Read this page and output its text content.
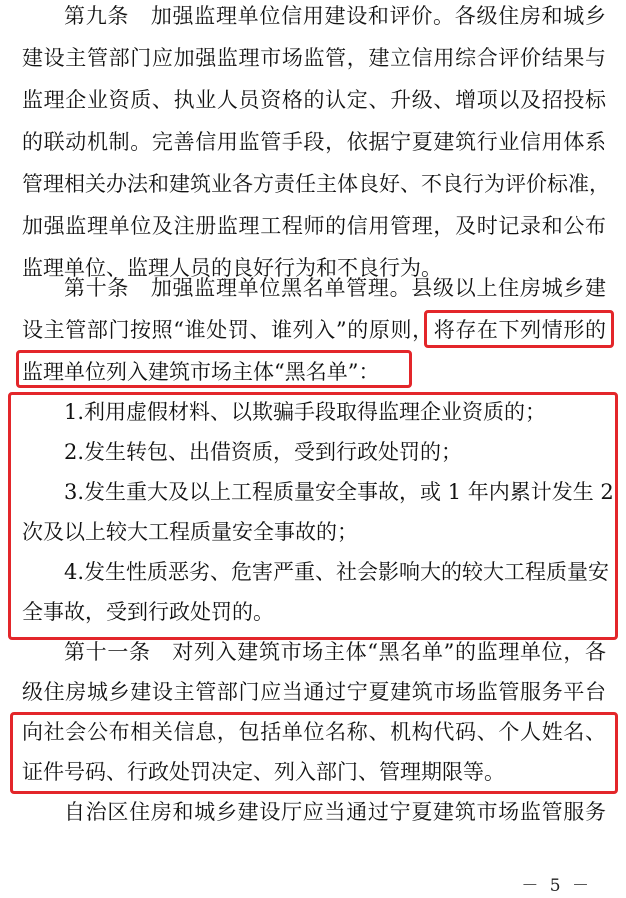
第九条　加强监理单位信用建设和评价。各级住房和城乡
建设主管部门应加强监理市场监管，建立信用综合评价结果与
监理企业资质、执业人员资格的认定、升级、增项以及招投标
的联动机制。完善信用监管手段，依据宁夏建筑行业信用体系
管理相关办法和建筑业各方责任主体良好、不良行为评价标准，
加强监理单位及注册监理工程师的信用管理，及时记录和公布
监理单位、监理人员的良好行为和不良行为。
第十条　加强监理单位黑名单管理。县级以上住房城乡建
设主管部门按照“谁处罚、谁列入”的原则，将存在下列情形的
监理单位列入建筑市场主体“黑名单”：
1.利用虚假材料、以欺骗手段取得监理企业资质的；
2.发生转包、出借资质，受到行政处罚的；
3.发生重大及以上工程质量安全事故，或 1 年内累计发生 2
次及以上较大工程质量安全事故的；
4.发生性质恶劣、危害严重、社会影响大的较大工程质量安
全事故，受到行政处罚的。
第十一条　对列入建筑市场主体“黑名单”的监理单位，各
级住房城乡建设主管部门应当通过宁夏建筑市场监管服务平台
向社会公布相关信息，包括单位名称、机构代码、个人姓名、
证件号码、行政处罚决定、列入部门、管理期限等。
自治区住房和城乡建设厅应当通过宁夏建筑市场监管服务
－ 5 －
